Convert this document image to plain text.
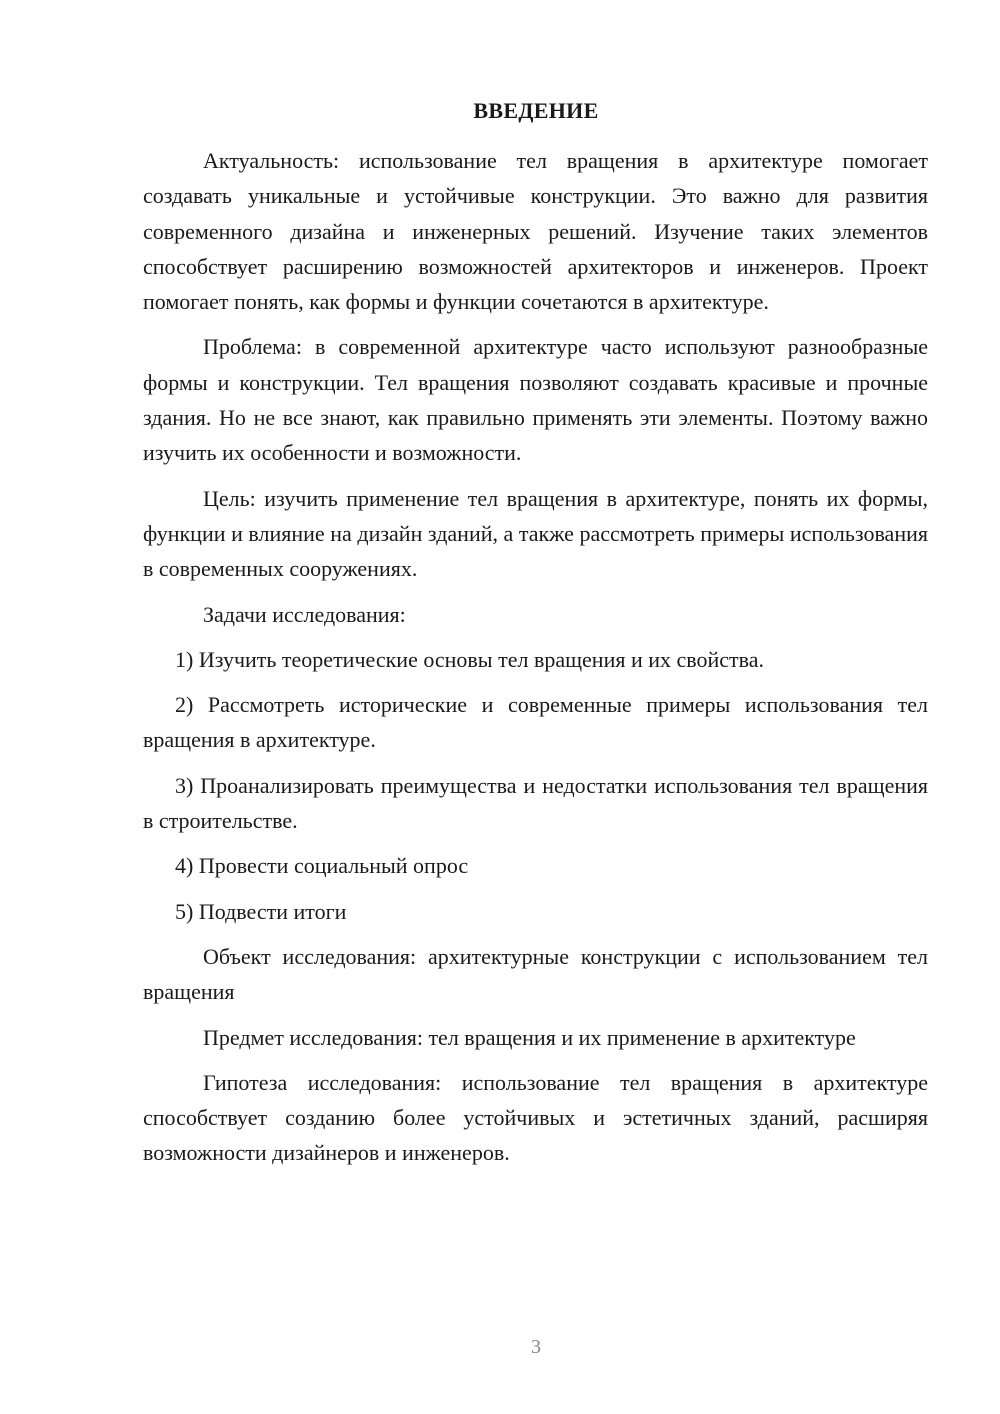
ВВЕДЕНИЕ

Актуальность: использование тел вращения в архитектуре помогает создавать уникальные и устойчивые конструкции. Это важно для развития современного дизайна и инженерных решений. Изучение таких элементов способствует расширению возможностей архитекторов и инженеров. Проект помогает понять, как формы и функции сочетаются в архитектуре.

Проблема: в современной архитектуре часто используют разнообразные формы и конструкции. Тел вращения позволяют создавать красивые и прочные здания. Но не все знают, как правильно применять эти элементы. Поэтому важно изучить их особенности и возможности.

Цель: изучить применение тел вращения в архитектуре, понять их формы, функции и влияние на дизайн зданий, а также рассмотреть примеры использования в современных сооружениях.

Задачи исследования:

1) Изучить теоретические основы тел вращения и их свойства.

2) Рассмотреть исторические и современные примеры использования тел вращения в архитектуре.

3) Проанализировать преимущества и недостатки использования тел вращения в строительстве.

4) Провести социальный опрос

5) Подвести итоги

Объект исследования: архитектурные конструкции с использованием тел вращения

Предмет исследования: тел вращения и их применение в архитектуре

Гипотеза исследования: использование тел вращения в архитектуре способствует созданию более устойчивых и эстетичных зданий, расширяя возможности дизайнеров и инженеров.

3
